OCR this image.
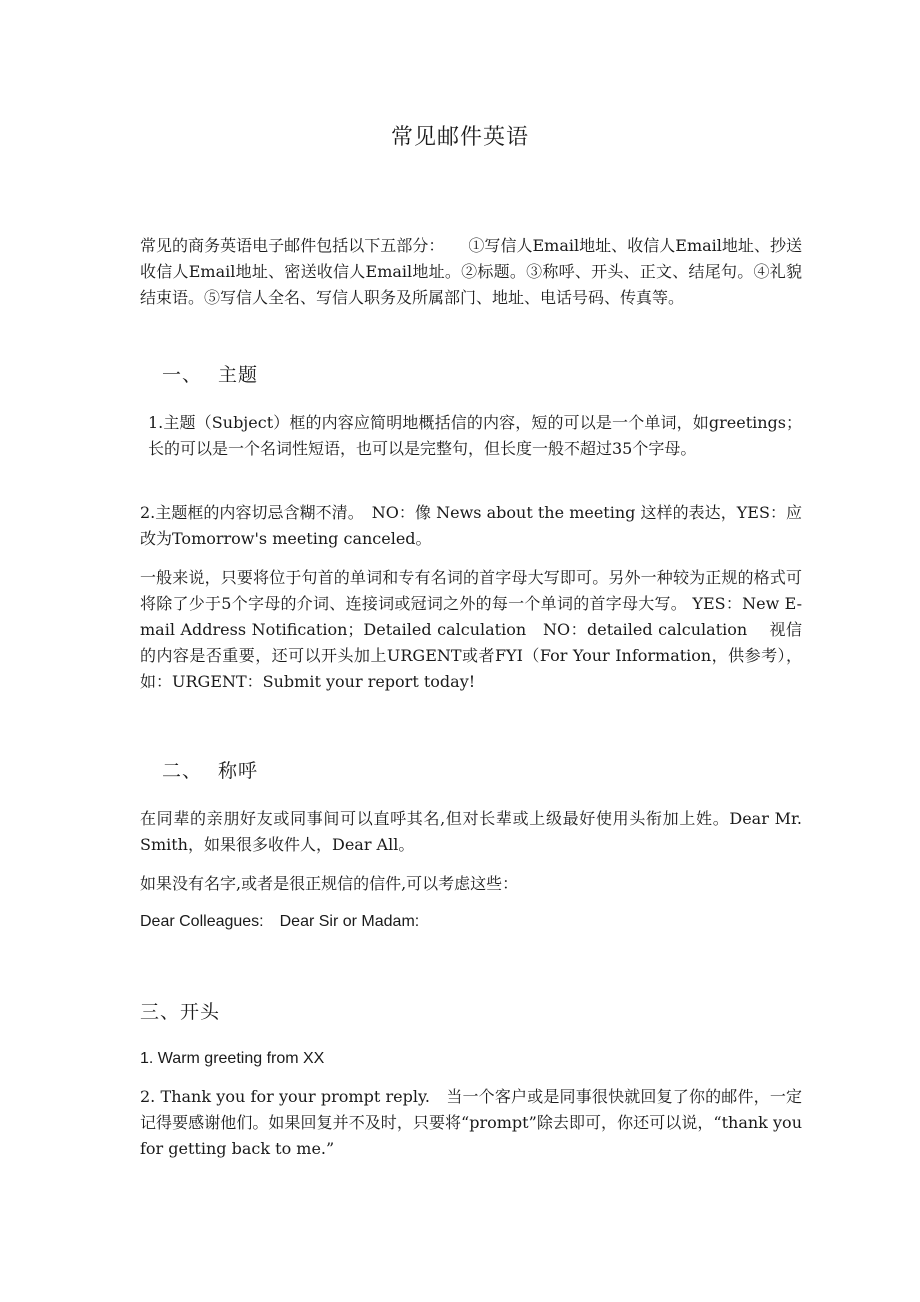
常见邮件英语
常见的商务英语电子邮件包括以下五部分：　　①写信人Email地址、收信人Email地址、抄送收信人Email地址、密送收信人Email地址。②标题。③称呼、开头、正文、结尾句。④礼貌结束语。⑤写信人全名、写信人职务及所属部门、地址、电话号码、传真等。
一、 主题
1.主题（Subject）框的内容应简明地概括信的内容，短的可以是一个单词，如greetings；长的可以是一个名词性短语，也可以是完整句，但长度一般不超过35个字母。
2.主题框的内容切忌含糊不清。　NO：像 News about the meeting 这样的表达，YES：应改为Tomorrow's meeting canceled。
一般来说，只要将位于句首的单词和专有名词的首字母大写即可。另外一种较为正规的格式可将除了少于5个字母的介词、连接词或冠词之外的每一个单词的首字母大写。 YES：New E-mail Address Notification；Detailed calculation　NO：detailed calculation　 视信的内容是否重要，还可以开头加上URGENT或者FYI（For Your Information，供参考），如：URGENT：Submit your report today!
二、 称呼
在同辈的亲朋好友或同事间可以直呼其名,但对长辈或上级最好使用头衔加上姓。Dear Mr. Smith，如果很多收件人，Dear All。
如果没有名字,或者是很正规信的信件,可以考虑这些：
Dear Colleagues:　Dear Sir or Madam:
三、开头
1. Warm greeting from XX
2. Thank you for your prompt reply.　当一个客户或是同事很快就回复了你的邮件，一定记得要感谢他们。如果回复并不及时，只要将“prompt”除去即可，你还可以说，“thank you for getting back to me.”
